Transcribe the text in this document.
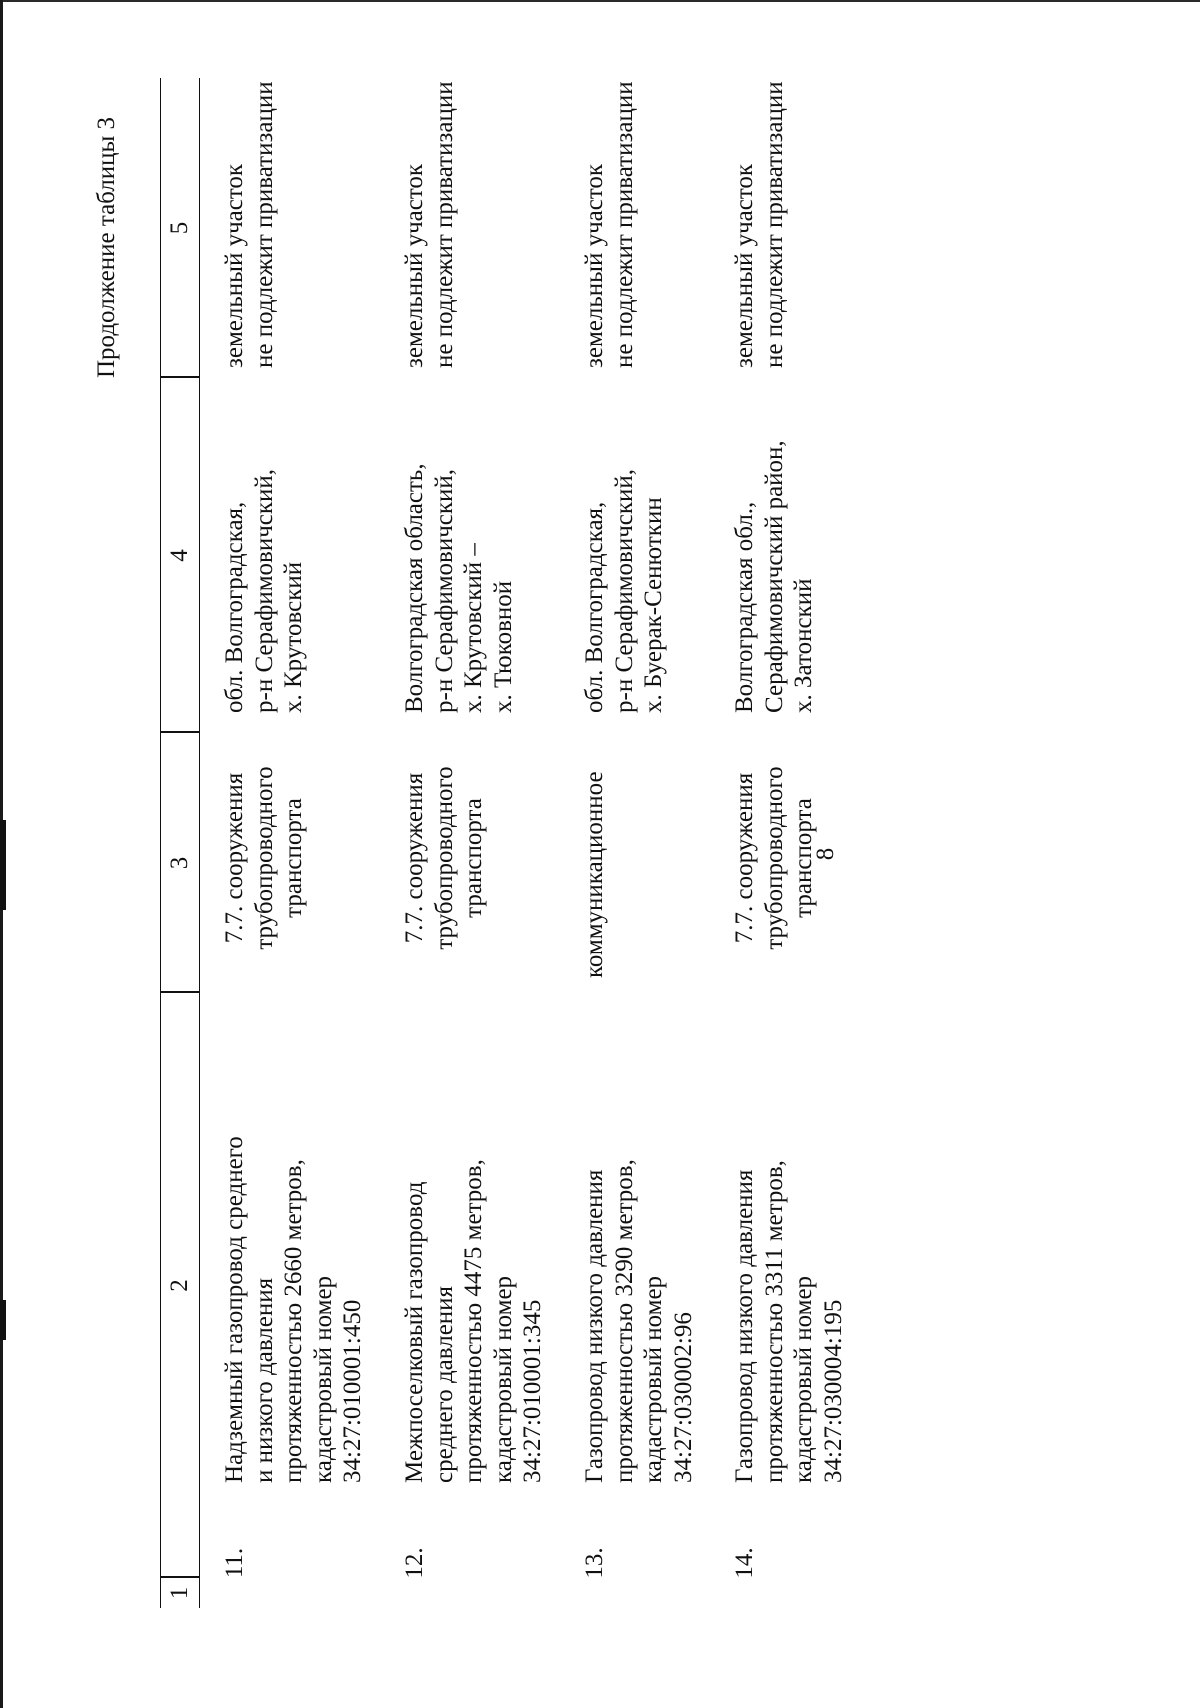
8
Продолжение таблицы 3
1
2
3
4
5
11.
Надземный газопровод среднего и низкого давления протяженностью 2660 метров, кадастровый номер 34:27:010001:450
7.7. сооружения трубопроводного транспорта
обл. Волгоградская, р-н Серафимовичский, х. Крутовский
земельный участок не подлежит приватизации
12.
Межпоселковый газопровод среднего давления протяженностью 4475 метров, кадастровый номер 34:27:010001:345
7.7. сооружения трубопроводного транспорта
Волгоградская область, р-н Серафимовичский, х. Крутовский – х. Тюковной
земельный участок не подлежит приватизации
13.
Газопровод низкого давления протяженностью 3290 метров, кадастровый номер 34:27:030002:96
коммуникационное
обл. Волгоградская, р-н Серафимовичский, х. Буерак-Сенюткин
земельный участок не подлежит приватизации
14.
Газопровод низкого давления протяженностью 3311 метров, кадастровый номер 34:27:030004:195
7.7. сооружения трубопроводного транспорта
Волгоградская обл., Серафимовичский район, х. Затонский
земельный участок не подлежит приватизации
